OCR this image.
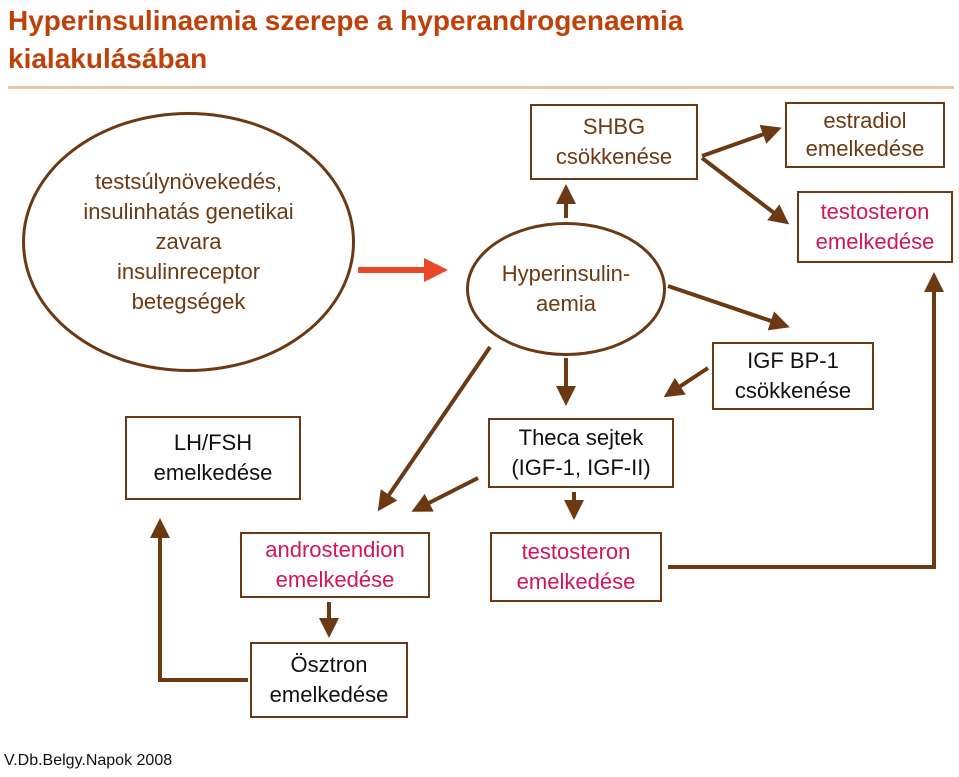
Hyperinsulinaemia szerepe a hyperandrogenaemia
kialakulásában
testsúlynövekedés,
insulinhatás genetikai
zavara
insulinreceptor
betegségek
Hyperinsulin-
aemia
SHBG
csökkenése
estradiol
emelkedése
testosteron
emelkedése
IGF BP-1
csökkenése
LH/FSH
emelkedése
Theca sejtek
(IGF-1, IGF-II)
androstendion
emelkedése
testosteron
emelkedése
Ösztron
emelkedése
V.Db.Belgy.Napok 2008
